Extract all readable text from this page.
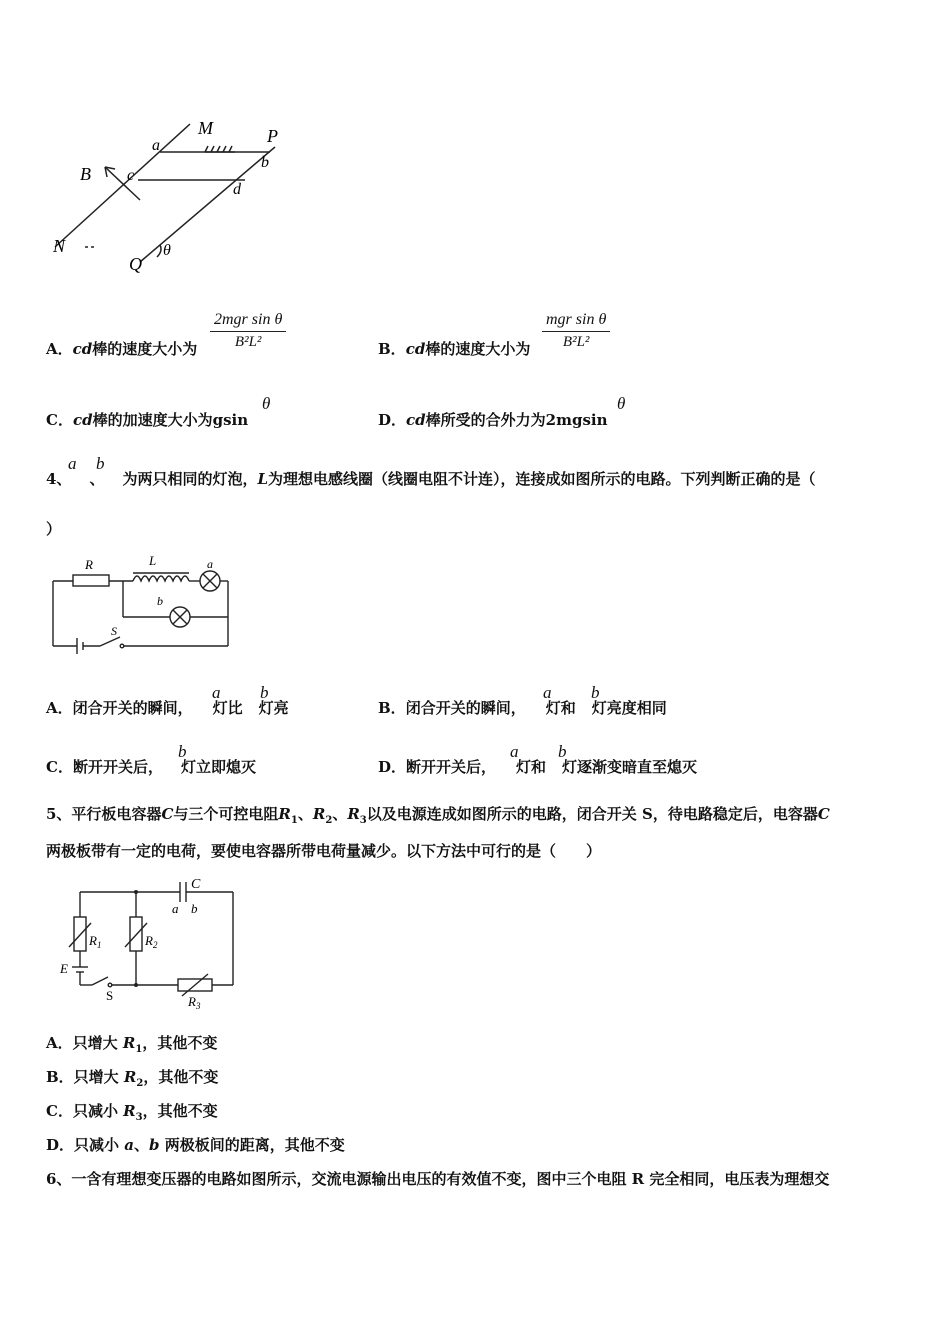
M	P
a
b
B c
d
N
Q
θ
A．cd棒的速度大小为
2mgr sin θ
B²L²	B．cd棒的速度大小为
mgr sin θ
B²L²
C．cd棒的加速度大小为gsin
θ
D．cd棒所受的合外力为2mgsin
θ
4、 、 为两只相同的灯泡，L为理想电感线圈（线圈电阻不计连），连接成如图所示的电路。下列判断正确的是（
a b
）
R	L	a
b
S
A．闭合开关的瞬间， 灯比 灯亮
a b
B．闭合开关的瞬间， 灯和 灯亮度相同
a b
C．断开开关后， 灯立即熄灭
b
D．断开开关后， 灯和 灯逐渐变暗直至熄灭
a b
5、平行板电容器C与三个可控电阻$R_1$、$R_2$、$R_3$以及电源连成如图所示的电路，闭合开关 S，待电路稳定后，电容器C
两极板带有一定的电荷，要使电容器所带电荷量减少。以下方法中可行的是（　　）
C
a b
$R_1$	$R_2$
$R_3$
E
S
A．只增大 $R_1$，其他不变
B．只增大 $R_2$，其他不变
C．只减小 $R_3$，其他不变
D．只减小 a、b 两极板间的距离，其他不变
6、一含有理想变压器的电路如图所示，交流电源输出电压的有效值不变，图中三个电阻 R 完全相同，电压表为理想交
